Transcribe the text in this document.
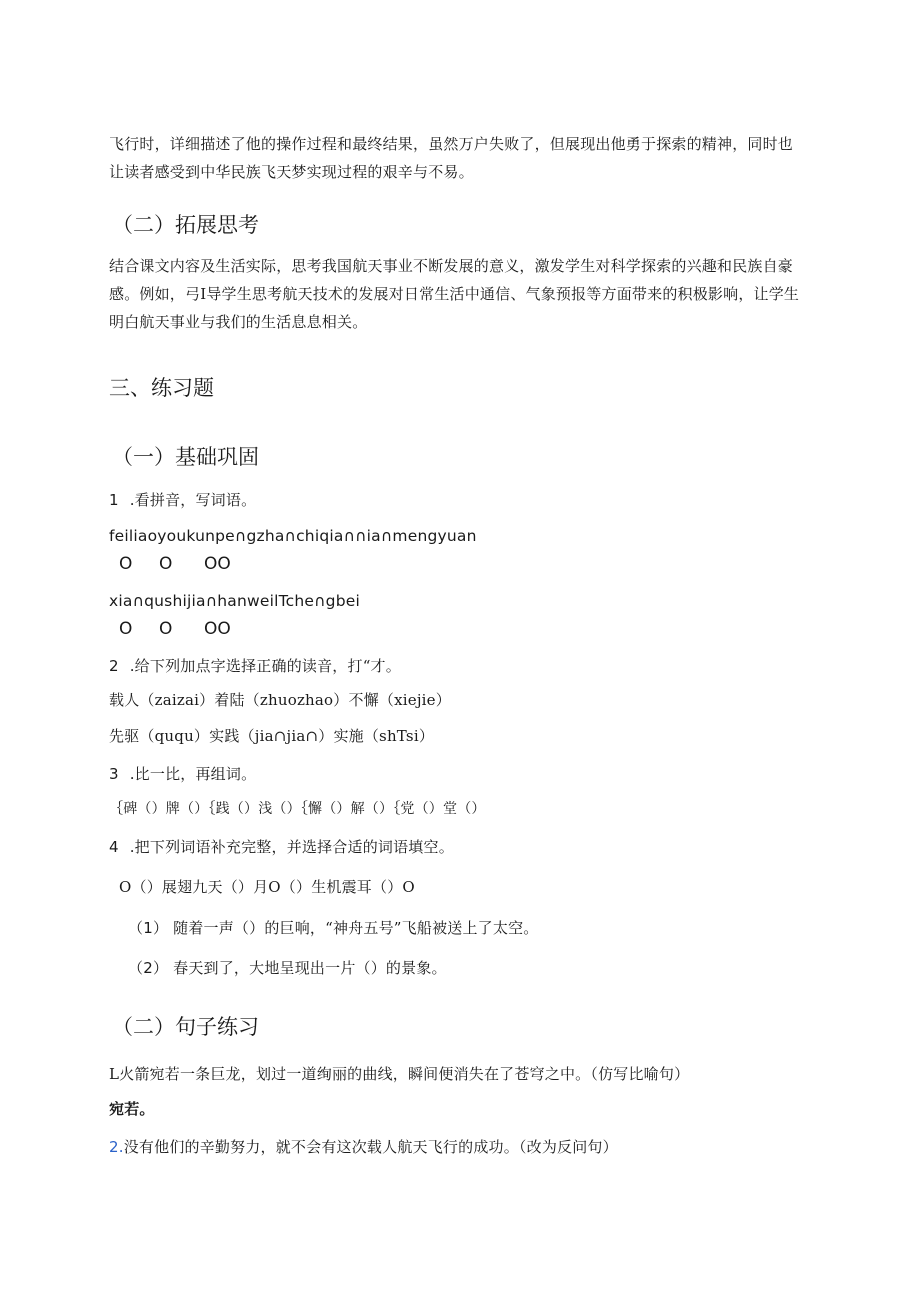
飞行时，详细描述了他的操作过程和最终结果，虽然万户失败了，但展现出他勇于探索的精神，同时也
让读者感受到中华民族飞天梦实现过程的艰辛与不易。
（二）拓展思考
结合课文内容及生活实际，思考我国航天事业不断发展的意义，激发学生对科学探索的兴趣和民族自豪
感。例如，弓I导学生思考航天技术的发展对日常生活中通信、气象预报等方面带来的积极影响，让学生
明白航天事业与我们的生活息息相关。
三、练习题
（一）基础巩固
1 .看拼音，写词语。
feiliaoyoukunpe∩gzha∩chiqia∩∩ia∩mengyuan
O O OO
xia∩qushijia∩hanweilTche∩gbei
O O OO
2 .给下列加点字选择正确的读音，打“才。
载人（zaizai）着陆（zhuozhao）不懈（xiejie）
先驱（ququ）实践（jia∩jia∩）实施（shTsi）
3 .比一比，再组词。
｛碑（）牌（）｛践（）浅（）｛懈（）解（）｛党（）堂（）
4 .把下列词语补充完整，并选择合适的词语填空。
O（）展翅九天（）月O（）生机震耳（）O
（1） 随着一声（）的巨响，“神舟五号”飞船被送上了太空。
（2） 春天到了，大地呈现出一片（）的景象。
（二）句子练习
L火箭宛若一条巨龙，划过一道绚丽的曲线，瞬间便消失在了苍穹之中。（仿写比喻句）
宛若。
2.没有他们的辛勤努力，就不会有这次载人航天飞行的成功。（改为反问句）
